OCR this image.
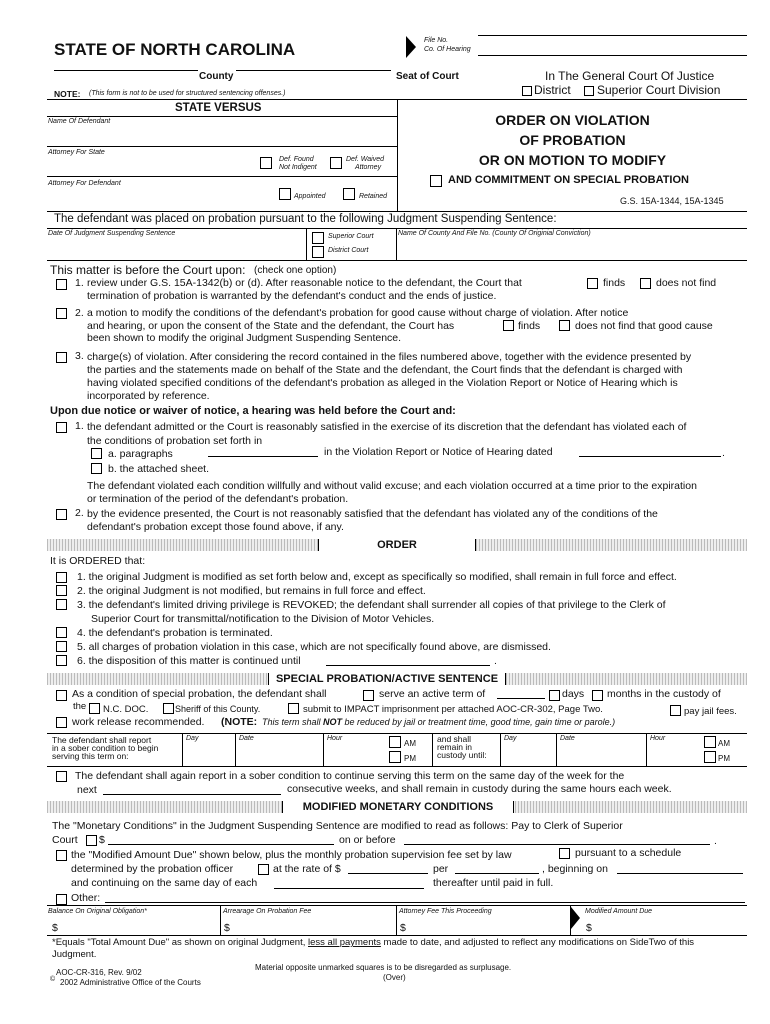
STATE OF NORTH CAROLINA	File No.
Co. Of Hearing
County	Seat of Court	In The General Court Of Justice
District Superior Court Division
NOTE: (This form is not to be used for structured sentencing offenses.)
STATE VERSUS
Name Of Defendant
Attorney For State
Def. Found
Not Indigent
Def. Waived
Attorney
Attorney For Defendant
Appointed	Retained
ORDER ON VIOLATION
OF PROBATION
OR ON MOTION TO MODIFY
AND COMMITMENT ON SPECIAL PROBATION
G.S. 15A-1344, 15A-1345
The defendant was placed on probation pursuant to the following Judgment Suspending Sentence:
Date Of Judgment Suspending Sentence	Superior Court
District Court
Name Of County And File No. (County Of Originial Conviction)
This matter is before the Court upon: (check one option)
1. review under G.S. 15A-1342(b) or (d). After reasonable notice to the defendant, the Court that	finds	does not find
termination of probation is warranted by the defendant's conduct and the ends of justice.
2. a motion to modify the conditions of the defendant's probation for good cause without charge of violation. After notice
and hearing, or upon the consent of the State and the defendant, the Court has	finds	does not find that good cause
been shown to modify the original Judgment Suspending Sentence.
3. charge(s) of violation. After considering the record contained in the files numbered above, together with the evidence presented by
the parties and the statements made on behalf of the State and the defendant, the Court finds that the defendant is charged with
having violated specified conditions of the defendant's probation as alleged in the Violation Report or Notice of Hearing which is
incorporated by reference.
Upon due notice or waiver of notice, a hearing was held before the Court and:
1. the defendant admitted or the Court is reasonably satisfied in the exercise of its discretion that the defendant has violated each of
the conditions of probation set forth in
a. paragraphs	in the Violation Report or Notice of Hearing dated	.
b. the attached sheet.
The defendant violated each condition willfully and without valid excuse; and each violation occurred at a time prior to the expiration
or termination of the period of the defendant's probation.
2. by the evidence presented, the Court is not reasonably satisfied that the defendant has violated any of the conditions of the
defendant's probation except those found above, if any.
ORDER
It is ORDERED that:
1. the original Judgment is modified as set forth below and, except as specifically so modified, shall remain in full force and effect.
2. the original Judgment is not modified, but remains in full force and effect.
3. the defendant's limited driving privilege is REVOKED; the defendant shall surrender all copies of that privilege to the Clerk of
Superior Court for transmittal/notification to the Division of Motor Vehicles.
4. the defendant's probation is terminated.
5. all charges of probation violation in this case, which are not specifically found above, are dismissed.
6. the disposition of this matter is continued until	.
SPECIAL PROBATION/ACTIVE SENTENCE
As a condition of special probation, the defendant shall	serve an active term of	days months in the custody of
the N.C. DOC.	Sheriff of this County.	submit to IMPACT imprisonment per attached AOC-CR-302, Page Two.	pay jail fees.
work release recommended. (NOTE: This term shall NOT be reduced by jail or treatment time, good time, gain time or parole.)
The defendant shall report
in a sober condition to begin
serving this term on:
Day	Date	Hour
AM
PM
and shall
remain in
custody until:
Day	Date	Hour
AM
PM
The defendant shall again report in a sober condition to continue serving this term on the same day of the week for the
next	consecutive weeks, and shall remain in custody during the same hours each week.
MODIFIED MONETARY CONDITIONS
The "Monetary Conditions" in the Judgment Suspending Sentence are modified to read as follows: Pay to Clerk of Superior
Court $	on or before	.
the "Modified Amount Due" shown below, plus the monthly probation supervision fee set by law	pursuant to a schedule
determined by the probation officer	at the rate of $	per	, beginning on
and continuing on the same day of each	thereafter until paid in full.
Other:
Balance On Original Obligation*	Arrearage On Probation Fee	Attorney Fee This Proceeding	Modified Amount Due
$	$	$	$
*Equals "Total Amount Due" as shown on original Judgment, less all payments made to date, and adjusted to reflect any modifications on SideTwo of this
Judgment.
AOC-CR-316, Rev. 9/02
© 2002 Administrative Office of the Courts
Material opposite unmarked squares is to be disregarded as surplusage.
(Over)
